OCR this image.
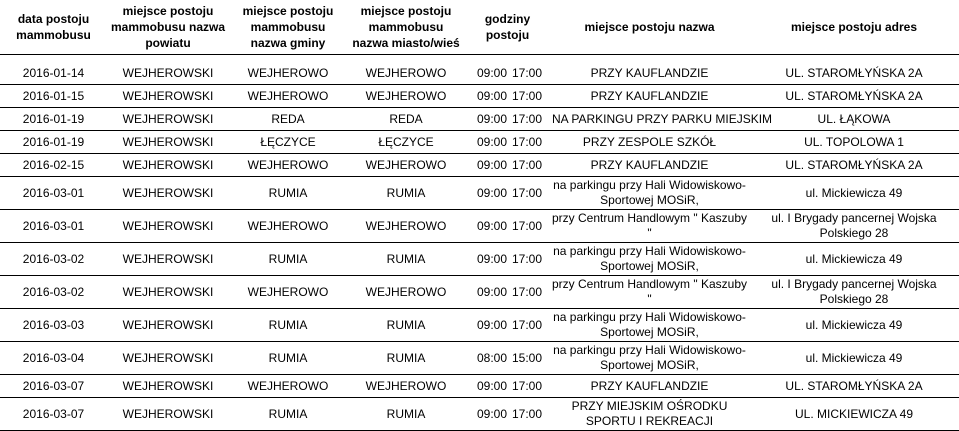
data postoju mammobusu	miejsce postoju mammobusu nazwa powiatu	miejsce postoju mammobusu nazwa gminy	miejsce postoju mammobusu nazwa miasto/wieś	godziny postoju		miejsce postoju nazwa	miejsce postoju adres

2016-01-14	WEJHEROWSKI	WEJHEROWO	WEJHEROWO	09:00	17:00	PRZY KAUFLANDZIE	UL. STAROMŁYŃSKA 2A
2016-01-15	WEJHEROWSKI	WEJHEROWO	WEJHEROWO	09:00	17:00	PRZY KAUFLANDZIE	UL. STAROMŁYŃSKA 2A
2016-01-19	WEJHEROWSKI	REDA	REDA	09:00	17:00	NA PARKINGU PRZY PARKU MIEJSKIM	UL. ŁĄKOWA
2016-01-19	WEJHEROWSKI	ŁĘCZYCE	ŁĘCZYCE	09:00	17:00	PRZY ZESPOLE SZKÓŁ	UL. TOPOLOWA 1
2016-02-15	WEJHEROWSKI	WEJHEROWO	WEJHEROWO	09:00	17:00	PRZY KAUFLANDZIE	UL. STAROMŁYŃSKA 2A
2016-03-01	WEJHEROWSKI	RUMIA	RUMIA	09:00	17:00	na parkingu przy Hali Widowiskowo-Sportowej MOSiR,	ul. Mickiewicza 49
2016-03-01	WEJHEROWSKI	WEJHEROWO	WEJHEROWO	09:00	17:00	przy Centrum Handlowym " Kaszuby "	ul. I Brygady pancernej Wojska Polskiego 28
2016-03-02	WEJHEROWSKI	RUMIA	RUMIA	09:00	17:00	na parkingu przy Hali Widowiskowo-Sportowej MOSiR,	ul. Mickiewicza 49
2016-03-02	WEJHEROWSKI	WEJHEROWO	WEJHEROWO	09:00	17:00	przy Centrum Handlowym " Kaszuby "	ul. I Brygady pancernej Wojska Polskiego 28
2016-03-03	WEJHEROWSKI	RUMIA	RUMIA	09:00	17:00	na parkingu przy Hali Widowiskowo-Sportowej MOSiR,	ul. Mickiewicza 49
2016-03-04	WEJHEROWSKI	RUMIA	RUMIA	08:00	15:00	na parkingu przy Hali Widowiskowo-Sportowej MOSiR,	ul. Mickiewicza 49
2016-03-07	WEJHEROWSKI	WEJHEROWO	WEJHEROWO	09:00	17:00	PRZY KAUFLANDZIE	UL. STAROMŁYŃSKA 2A
2016-03-07	WEJHEROWSKI	RUMIA	RUMIA	09:00	17:00	PRZY MIEJSKIM OŚRODKU SPORTU I REKREACJI	UL. MICKIEWICZA 49
